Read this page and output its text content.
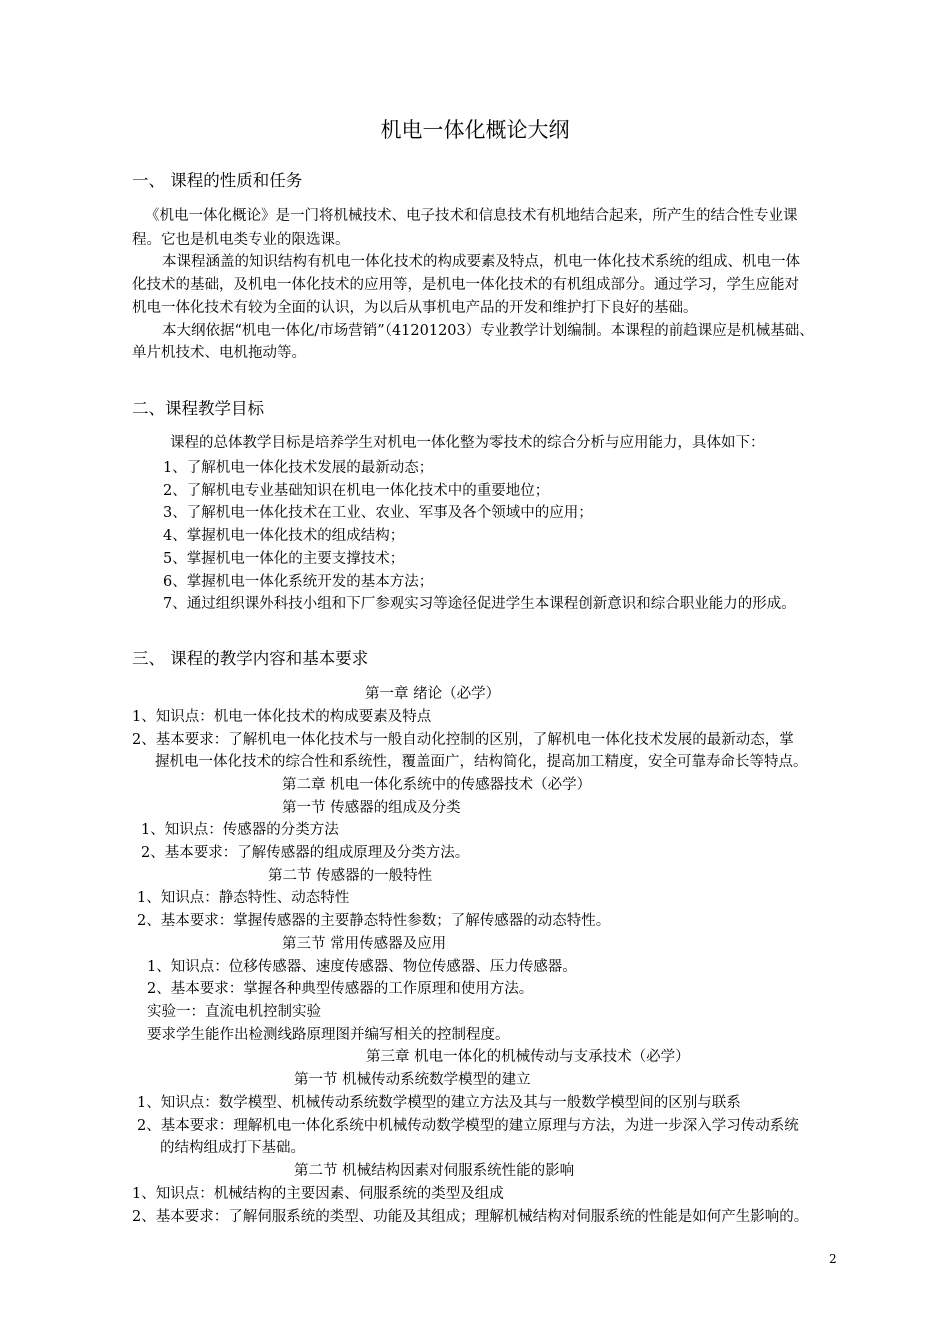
机电一体化概论大纲
一、 课程的性质和任务
《机电一体化概论》是一门将机械技术、电子技术和信息技术有机地结合起来，所产生的结合性专业课
程。它也是机电类专业的限选课。
本课程涵盖的知识结构有机电一体化技术的构成要素及特点，机电一体化技术系统的组成、机电一体
化技术的基础，及机电一体化技术的应用等，是机电一体化技术的有机组成部分。通过学习，学生应能对
机电一体化技术有较为全面的认识，为以后从事机电产品的开发和维护打下良好的基础。
本大纲依据“机电一体化/市场营销”（41201203）专业教学计划编制。本课程的前趋课应是机械基础、
单片机技术、电机拖动等。
二、课程教学目标
课程的总体教学目标是培养学生对机电一体化整为零技术的综合分析与应用能力，具体如下：
1、了解机电一体化技术发展的最新动态；
2、了解机电专业基础知识在机电一体化技术中的重要地位；
3、了解机电一体化技术在工业、农业、军事及各个领域中的应用；
4、掌握机电一体化技术的组成结构；
5、掌握机电一体化的主要支撑技术；
6、掌握机电一体化系统开发的基本方法；
7、通过组织课外科技小组和下厂参观实习等途径促进学生本课程创新意识和综合职业能力的形成。
三、 课程的教学内容和基本要求
第一章 绪论（必学）
1、知识点：机电一体化技术的构成要素及特点
2、基本要求：了解机电一体化技术与一般自动化控制的区别，了解机电一体化技术发展的最新动态，掌
握机电一体化技术的综合性和系统性，覆盖面广，结构简化，提高加工精度，安全可靠寿命长等特点。
第二章 机电一体化系统中的传感器技术（必学）
第一节 传感器的组成及分类
1、知识点：传感器的分类方法
2、基本要求：了解传感器的组成原理及分类方法。
第二节 传感器的一般特性
1、知识点：静态特性、动态特性
2、基本要求：掌握传感器的主要静态特性参数；了解传感器的动态特性。
第三节 常用传感器及应用
1、知识点：位移传感器、速度传感器、物位传感器、压力传感器。
2、基本要求：掌握各种典型传感器的工作原理和使用方法。
实验一：直流电机控制实验
要求学生能作出检测线路原理图并编写相关的控制程度。
第三章 机电一体化的机械传动与支承技术（必学）
第一节 机械传动系统数学模型的建立
1、知识点：数学模型、机械传动系统数学模型的建立方法及其与一般数学模型间的区别与联系
2、基本要求：理解机电一体化系统中机械传动数学模型的建立原理与方法，为进一步深入学习传动系统
的结构组成打下基础。
第二节 机械结构因素对伺服系统性能的影响
1、知识点：机械结构的主要因素、伺服系统的类型及组成
2、基本要求：了解伺服系统的类型、功能及其组成；理解机械结构对伺服系统的性能是如何产生影响的。
2
